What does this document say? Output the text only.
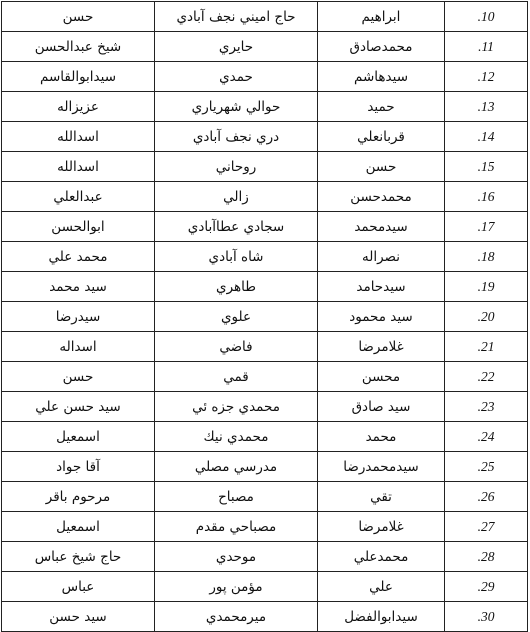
.10	ابراهيم	حاج اميني نجف آبادي	حسن
.11	محمدصادق	حايري	شيخ عبدالحسن
.12	سيدهاشم	حمدي	سيدابوالقاسم
.13	حميد	حوالي شهرياري	عزيزاله
.14	قربانعلي	دري نجف آبادي	اسدالله
.15	حسن	روحاني	اسدالله
.16	محمدحسن	زالي	عبدالعلي
.17	سيدمحمد	سجادي عطاآبادي	ابوالحسن
.18	نصراله	شاه آبادي	محمد علي
.19	سيدحامد	طاهري	سيد محمد
.20	سيد محمود	علوي	سيدرضا
.21	غلامرضا	فاضي	اسداله
.22	محسن	قمي	حسن
.23	سيد صادق	محمدي جزه ئي	سيد حسن علي
.24	محمد	محمدي نيك	اسمعيل
.25	سيدمحمدرضا	مدرسي مصلي	آقا جواد
.26	تقي	مصباح	مرحوم باقر
.27	غلامرضا	مصباحي مقدم	اسمعيل
.28	محمدعلي	موحدي	حاج شيخ عباس
.29	علي	مؤمن پور	عباس
.30	سيدابوالفضل	ميرمحمدي	سيد حسن
